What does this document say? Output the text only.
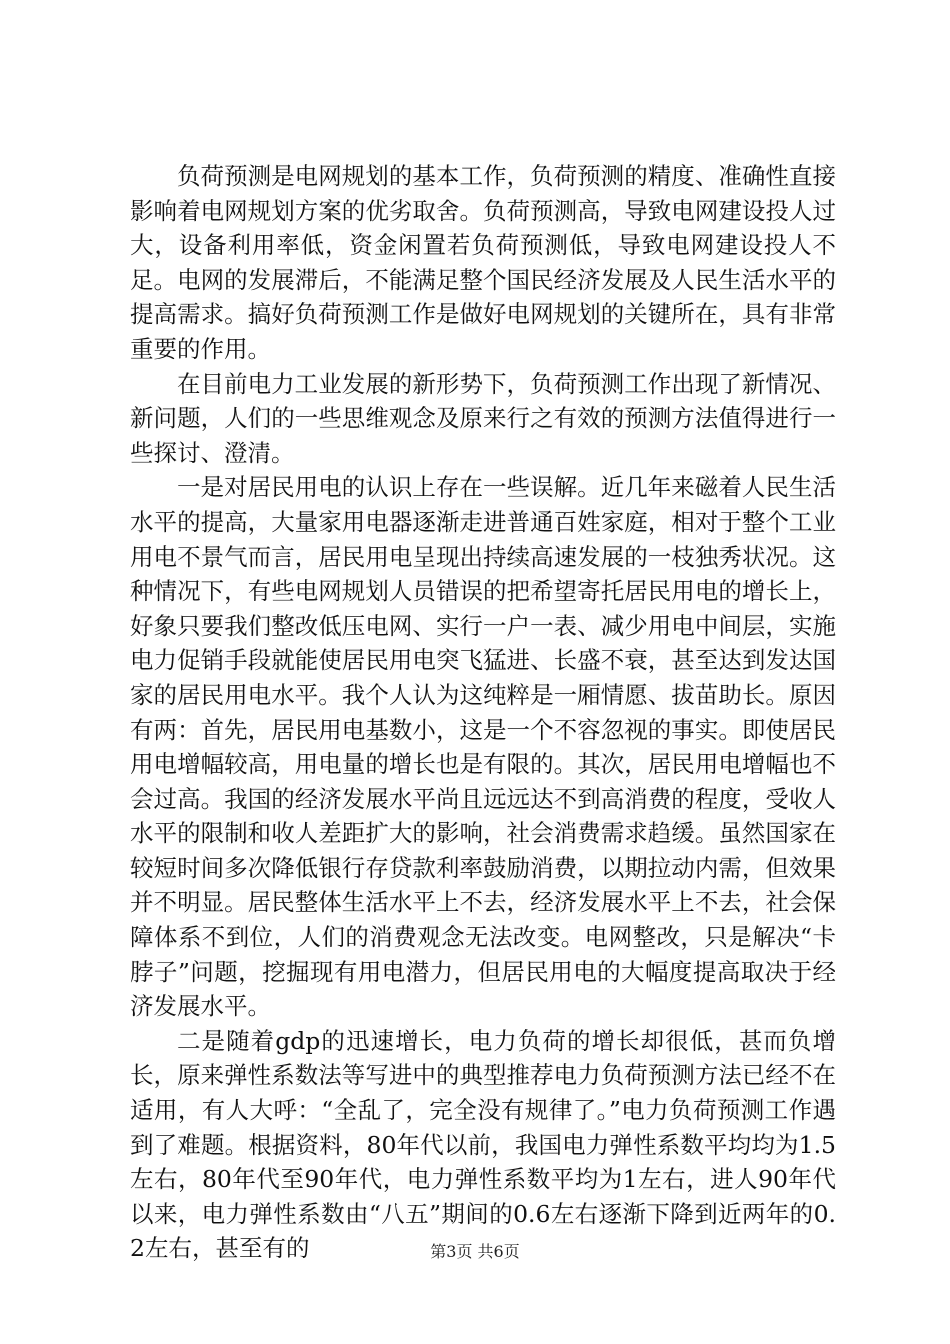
负荷预测是电网规划的基本工作，负荷预测的精度、准确性直接影响着电网规划方案的优劣取舍。负荷预测高，导致电网建设投人过大，设备利用率低，资金闲置若负荷预测低，导致电网建设投人不足。电网的发展滞后，不能满足整个国民经济发展及人民生活水平的提高需求。搞好负荷预测工作是做好电网规划的关键所在，具有非常重要的作用。

在目前电力工业发展的新形势下，负荷预测工作出现了新情况、新问题，人们的一些思维观念及原来行之有效的预测方法值得进行一些探讨、澄清。

一是对居民用电的认识上存在一些误解。近几年来磁着人民生活水平的提高，大量家用电器逐渐走进普通百姓家庭，相对于整个工业用电不景气而言，居民用电呈现出持续高速发展的一枝独秀状况。这种情况下，有些电网规划人员错误的把希望寄托居民用电的增长上，好象只要我们整改低压电网、实行一户一表、减少用电中间层，实施电力促销手段就能使居民用电突飞猛进、长盛不衰，甚至达到发达国家的居民用电水平。我个人认为这纯粹是一厢情愿、拔苗助长。原因有两：首先，居民用电基数小，这是一个不容忽视的事实。即使居民用电增幅较高，用电量的增长也是有限的。其次，居民用电增幅也不会过高。我国的经济发展水平尚且远远达不到高消费的程度，受收人水平的限制和收人差距扩大的影响，社会消费需求趋缓。虽然国家在较短时间多次降低银行存贷款利率鼓励消费，以期拉动内需，但效果并不明显。居民整体生活水平上不去，经济发展水平上不去，社会保障体系不到位，人们的消费观念无法改变。电网整改，只是解决“卡脖子”问题，挖掘现有用电潜力，但居民用电的大幅度提高取决于经济发展水平。

二是随着gdp的迅速增长，电力负荷的增长却很低，甚而负增长，原来弹性系数法等写进中的典型推荐电力负荷预测方法已经不在适用，有人大呼：“全乱了，完全没有规律了。”电力负荷预测工作遇到了难题。根据资料，80年代以前，我国电力弹性系数平均均为1.5左右，80年代至90年代，电力弹性系数平均为1左右，进人90年代以来，电力弹性系数由“八五”期间的0.6左右逐渐下降到近两年的0.2左右，甚至有的	第3页 共6页
